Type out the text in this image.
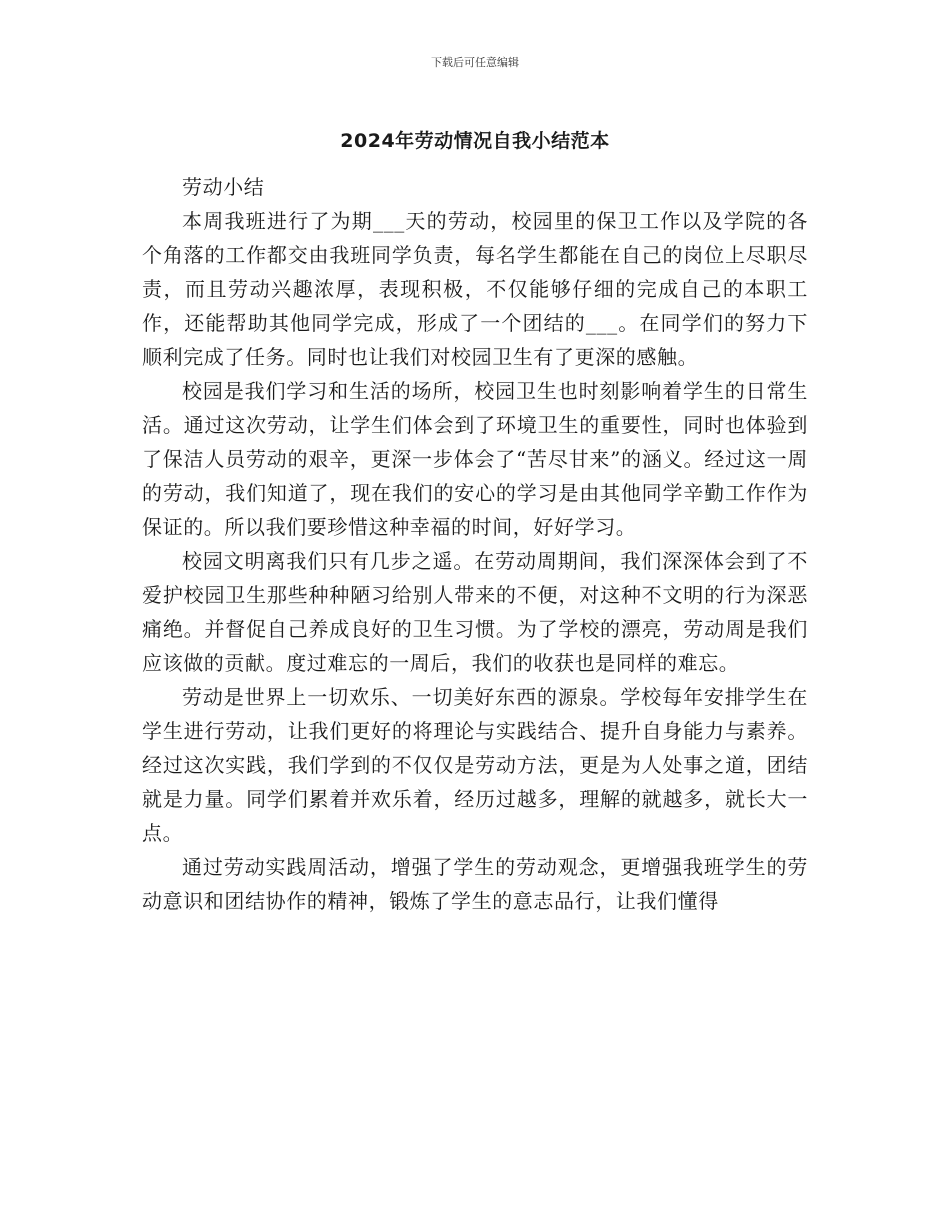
下载后可任意编辑
2024年劳动情况自我小结范本

劳动小结

本周我班进行了为期___天的劳动，校园里的保卫工作以及学院的各个角落的工作都交由我班同学负责，每名学生都能在自己的岗位上尽职尽责，而且劳动兴趣浓厚，表现积极，不仅能够仔细的完成自己的本职工作，还能帮助其他同学完成，形成了一个团结的___。在同学们的努力下顺利完成了任务。同时也让我们对校园卫生有了更深的感触。

校园是我们学习和生活的场所，校园卫生也时刻影响着学生的日常生活。通过这次劳动，让学生们体会到了环境卫生的重要性，同时也体验到了保洁人员劳动的艰辛，更深一步体会了“苦尽甘来”的涵义。经过这一周的劳动，我们知道了，现在我们的安心的学习是由其他同学辛勤工作作为保证的。所以我们要珍惜这种幸福的时间，好好学习。

校园文明离我们只有几步之遥。在劳动周期间，我们深深体会到了不爱护校园卫生那些种种陋习给别人带来的不便，对这种不文明的行为深恶痛绝。并督促自己养成良好的卫生习惯。为了学校的漂亮，劳动周是我们应该做的贡献。度过难忘的一周后，我们的收获也是同样的难忘。

劳动是世界上一切欢乐、一切美好东西的源泉。学校每年安排学生在学生进行劳动，让我们更好的将理论与实践结合、提升自身能力与素养。经过这次实践，我们学到的不仅仅是劳动方法，更是为人处事之道，团结就是力量。同学们累着并欢乐着，经历过越多，理解的就越多，就长大一点。

通过劳动实践周活动，增强了学生的劳动观念，更增强我班学生的劳动意识和团结协作的精神，锻炼了学生的意志品行，让我们懂得
